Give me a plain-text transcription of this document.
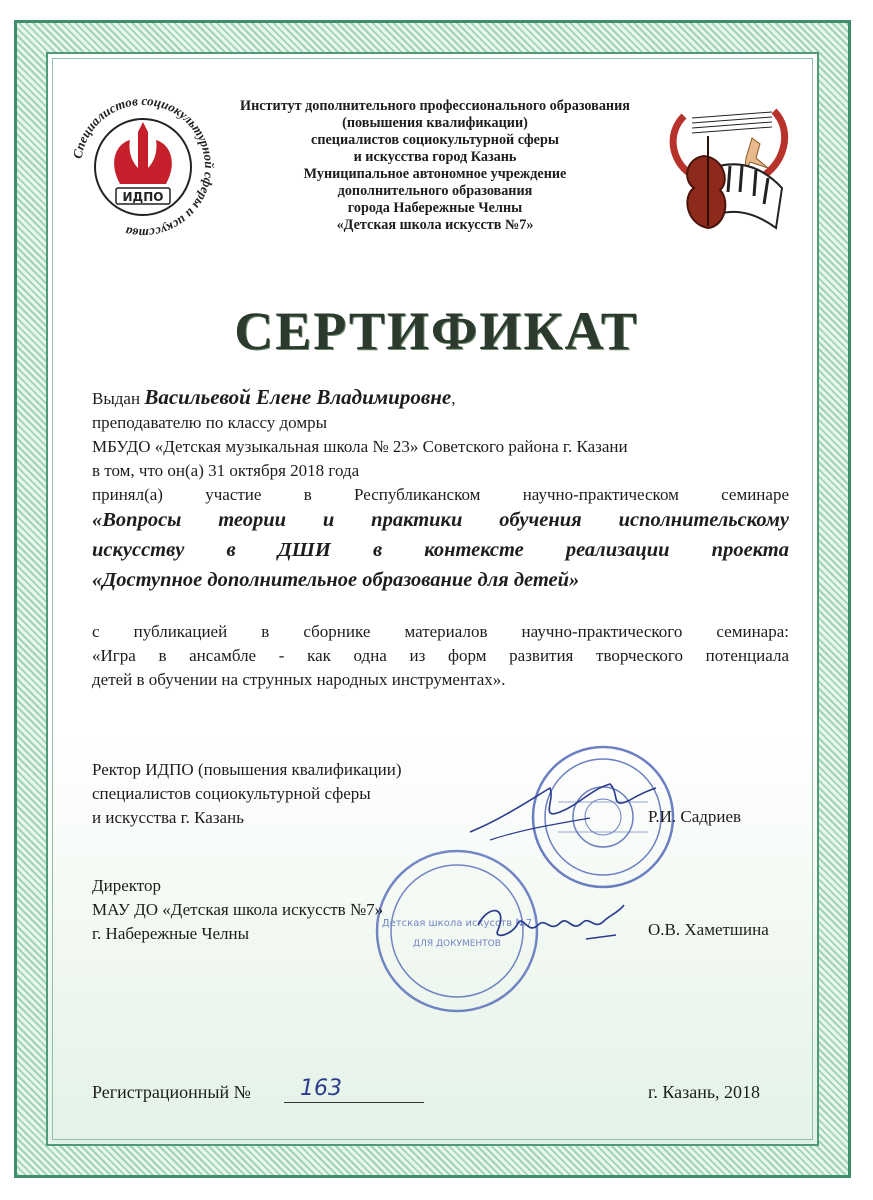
Специалистов социокультурной сферы и искусства
ИДПО
Институт дополнительного профессионального образования
(повышения квалификации)
специалистов социокультурной сферы
и искусства город Казань
Муниципальное автономное учреждение
дополнительного образования
города Набережные Челны
«Детская школа искусств №7»
СЕРТИФИКАТ
Выдан Васильевой Елене Владимировне,
преподавателю по классу домры
МБУДО «Детская музыкальная школа № 23» Советского района г. Казани
в том, что он(а) 31 октября 2018 года
принял(а) участие в Республиканском научно-практическом семинаре
«Вопросы теории и практики обучения исполнительскому
искусству в ДШИ в контексте реализации проекта
«Доступное дополнительное образование для детей»
с публикацией в сборнике материалов научно-практического семинара:
«Игра в ансамбле - как одна из форм развития творческого потенциала
детей в обучении на струнных народных инструментах».
Детская школа искусств №7
ДЛЯ ДОКУМЕНТОВ
Ректор ИДПО (повышения квалификации)
специалистов социокультурной сферы
и искусства г. Казань	Р.И. Садриев
Директор
МАУ ДО «Детская школа искусств №7»
г. Набережные Челны	О.В. Хаметшина
Регистрационный № 163	г. Казань, 2018
